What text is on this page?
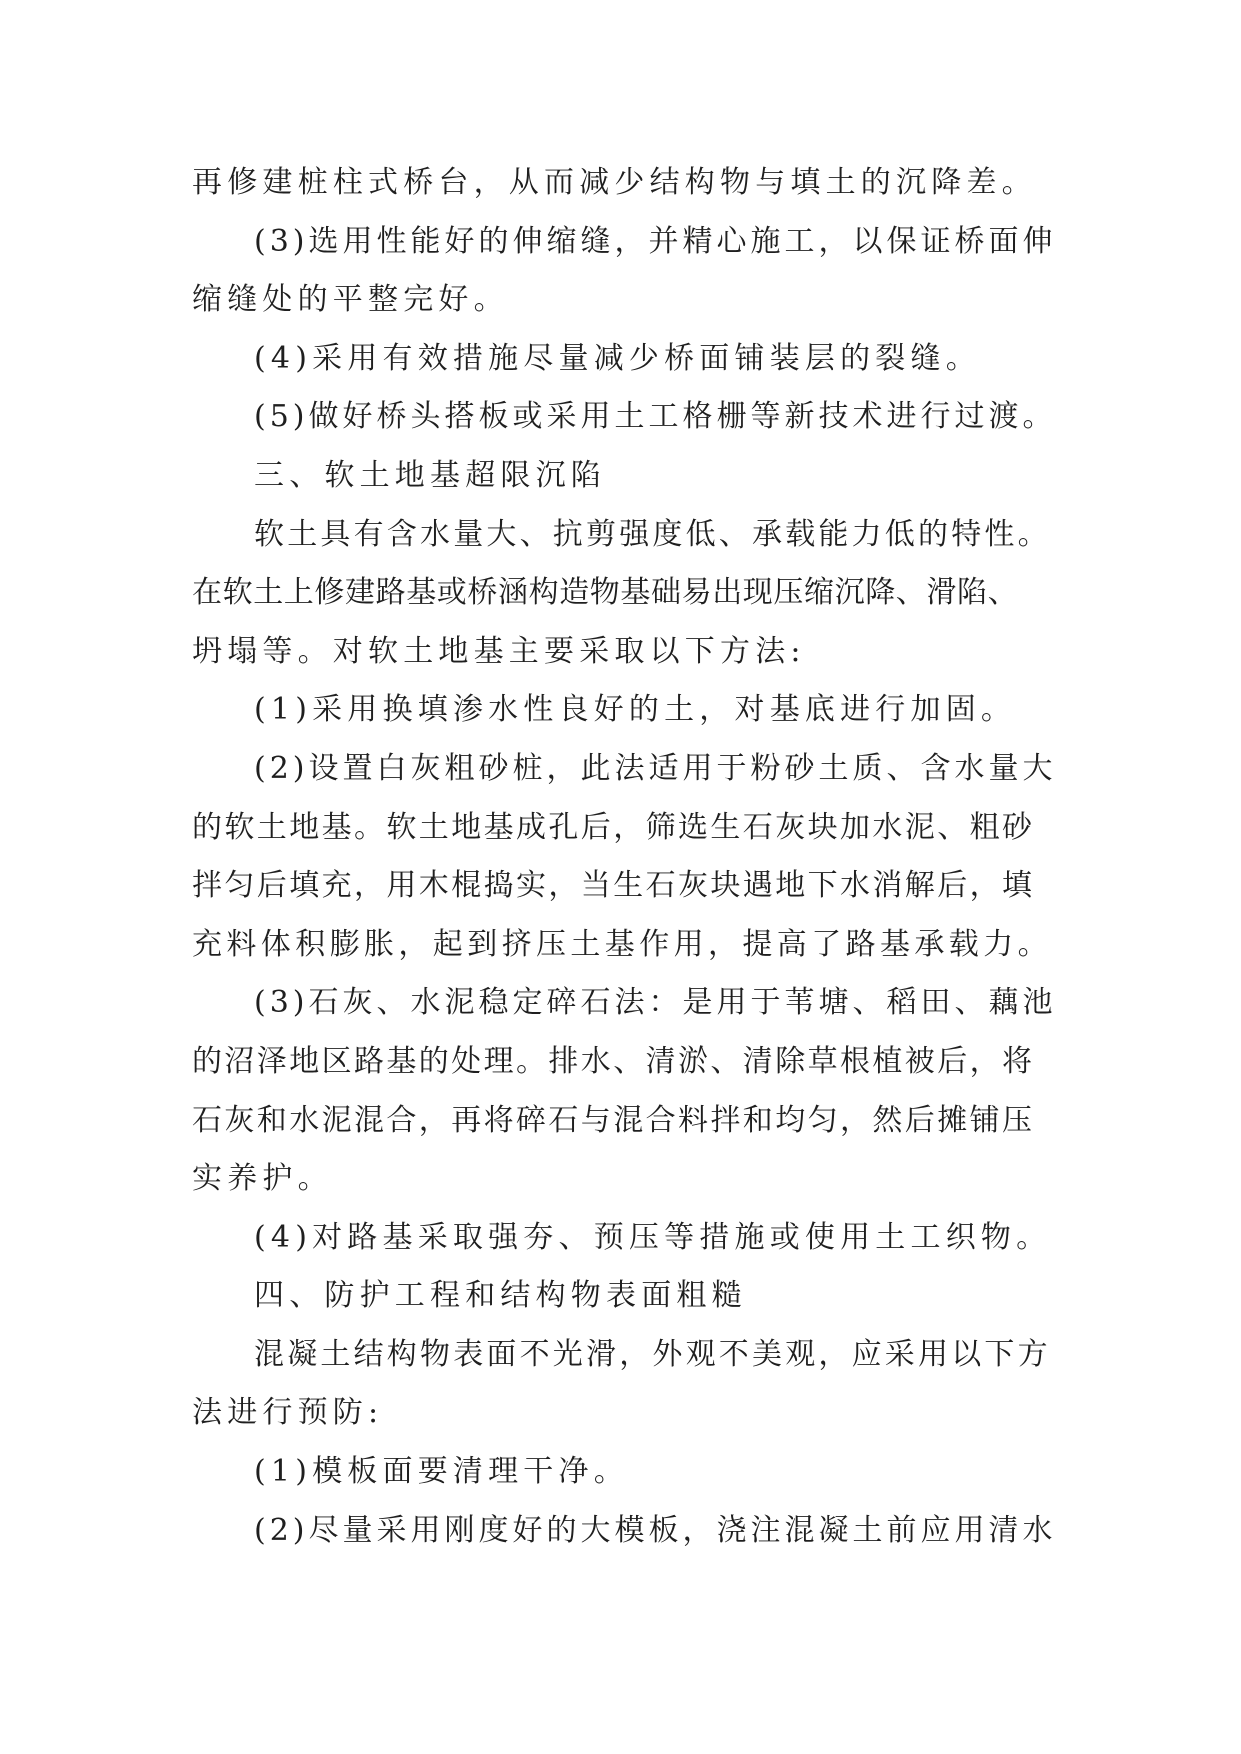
再修建桩柱式桥台，从而减少结构物与填土的沉降差。
(3)选用性能好的伸缩缝，并精心施工，以保证桥面伸
缩缝处的平整完好。
(4)采用有效措施尽量减少桥面铺装层的裂缝。
(5)做好桥头搭板或采用土工格栅等新技术进行过渡。
三、软土地基超限沉陷
软土具有含水量大、抗剪强度低、承载能力低的特性。
在软土上修建路基或桥涵构造物基础易出现压缩沉降、滑陷、
坍塌等。对软土地基主要采取以下方法:
(1)采用换填渗水性良好的土，对基底进行加固。
(2)设置白灰粗砂桩，此法适用于粉砂土质、含水量大
的软土地基。软土地基成孔后，筛选生石灰块加水泥、粗砂
拌匀后填充，用木棍捣实，当生石灰块遇地下水消解后，填
充料体积膨胀，起到挤压土基作用，提高了路基承载力。
(3)石灰、水泥稳定碎石法：是用于苇塘、稻田、藕池
的沼泽地区路基的处理。排水、清淤、清除草根植被后，将
石灰和水泥混合，再将碎石与混合料拌和均匀，然后摊铺压
实养护。
(4)对路基采取强夯、预压等措施或使用土工织物。
四、防护工程和结构物表面粗糙
混凝土结构物表面不光滑，外观不美观，应采用以下方
法进行预防:
(1)模板面要清理干净。
(2)尽量采用刚度好的大模板，浇注混凝土前应用清水
